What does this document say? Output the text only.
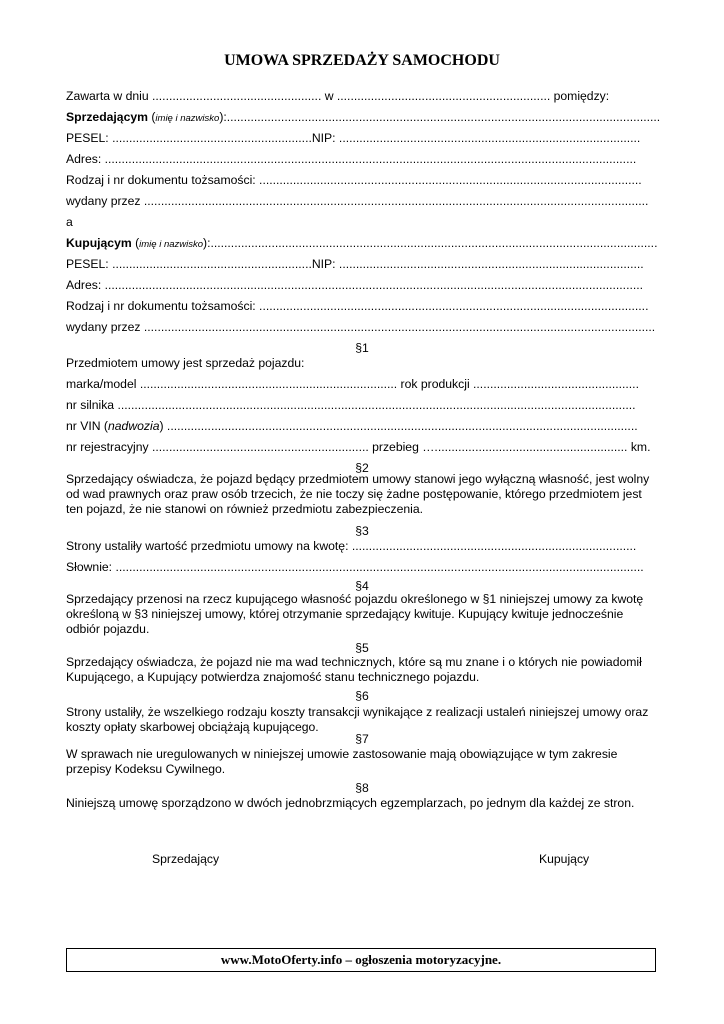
UMOWA SPRZEDAŻY SAMOCHODU
Zawarta w dniu .................................................. w ............................................................... pomiędzy:
Sprzedającym (imię i nazwisko):................................................................................................................................
PESEL: ...........................................................NIP: .........................................................................................
Adres: .............................................................................................................................................................
Rodzaj i nr dokumentu tożsamości: .................................................................................................................
wydany przez .....................................................................................................................................................
a
Kupującym (imię i nazwisko):....................................................................................................................................
PESEL: ...........................................................NIP: ..........................................................................................
Adres: ...............................................................................................................................................................
Rodzaj i nr dokumentu tożsamości: ...................................................................................................................
wydany przez .......................................................................................................................................................
§1
Przedmiotem umowy jest sprzedaż pojazdu:
marka/model ............................................................................ rok produkcji .................................................
nr silnika .........................................................................................................................................................
nr VIN (nadwozia) ...........................................................................................................................................
nr rejestracyjny ................................................................ przebieg …......................................................... km.
§2
Sprzedający oświadcza, że pojazd będący przedmiotem umowy stanowi jego wyłączną własność, jest wolny od wad prawnych oraz praw osób trzecich, że nie toczy się żadne postępowanie, którego przedmiotem jest ten pojazd, że nie stanowi on również przedmiotu zabezpieczenia.
§3
Strony ustaliły wartość przedmiotu umowy na kwotę: ....................................................................................
Słownie: ............................................................................................................................................................
§4
Sprzedający przenosi na rzecz kupującego własność pojazdu określonego w §1 niniejszej umowy za kwotę określoną w §3 niniejszej umowy, której otrzymanie sprzedający kwituje. Kupujący kwituje jednocześnie odbiór pojazdu.
§5
Sprzedający oświadcza, że pojazd nie ma wad technicznych, które są mu znane i o których nie powiadomił Kupującego, a Kupujący potwierdza znajomość stanu technicznego pojazdu.
§6
Strony ustaliły, że wszelkiego rodzaju koszty transakcji wynikające z realizacji ustaleń niniejszej umowy oraz koszty opłaty skarbowej obciążają kupującego.
§7
W sprawach nie uregulowanych w niniejszej umowie zastosowanie mają obowiązujące w tym zakresie przepisy Kodeksu Cywilnego.
§8
Niniejszą umowę sporządzono w dwóch jednobrzmiących egzemplarzach, po jednym dla każdej ze stron.
Sprzedający	Kupujący
www.MotoOferty.info – ogłoszenia motoryzacyjne.
